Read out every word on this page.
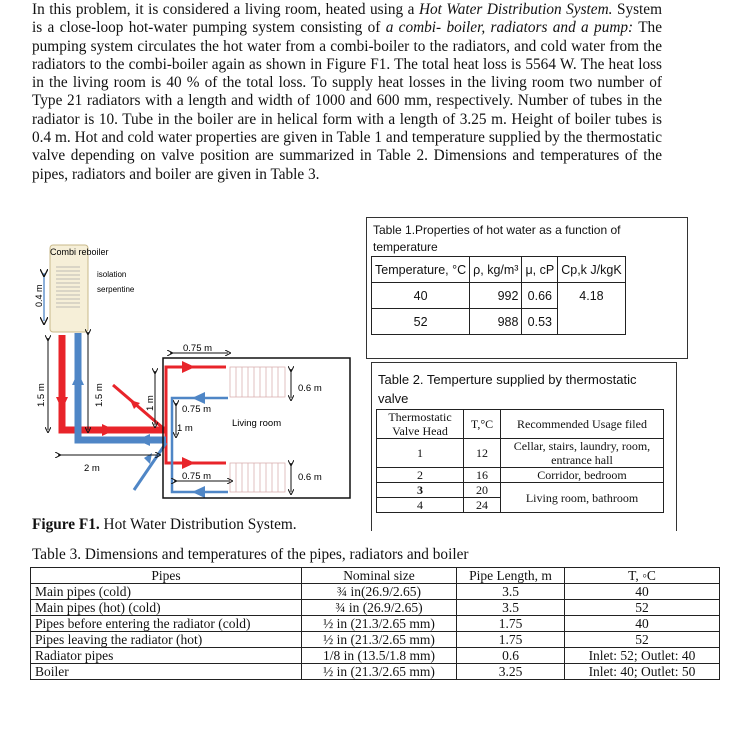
In this problem, it is considered a living room, heated using a Hot Water Distribution System. System is a close-loop hot-water pumping system consisting of a combi- boiler, radiators and a pump: The pumping system circulates the hot water from a combi-boiler to the radiators, and cold water from the radiators to the combi-boiler again as shown in Figure F1. The total heat loss is 5564 W. The heat loss in the living room is 40 % of the total loss. To supply heat losses in the living room two number of Type 21 radiators with a length and width of 1000 and 600 mm, respectively. Number of tubes in the radiator is 10. Tube in the boiler are in helical form with a length of 3.25 m. Height of boiler tubes is 0.4 m. Hot and cold water properties are given in Table 1 and temperature supplied by the thermostatic valve depending on valve position are summarized in Table 2. Dimensions and temperatures of the pipes, radiators and boiler are given in Table 3.
Combi reboiler
isolation
serpentine
0.4 m
Living room
1.5 m	1.5 m
2 m
0.75 m
0.75 m
0.75 m
1 m
1 m
0.6 m
0.6 m
Figure F1. Hot Water Distribution System.
Table 1.Properties of hot water as a function of temperature
Temperature, °C	ρ, kg/m³	μ, cP	Cp,k J/kgK
40	992	0.66	4.18
52	988	0.53	
Table 2. Temperture supplied by thermostatic valve
Thermostatic Valve Head	T,°C	Recommended Usage filed
1	12	Cellar, stairs, laundry, room, entrance hall
2	16	Corridor, bedroom
3	20	Living room, bathroom
4	24	
Table 3. Dimensions and temperatures of the pipes, radiators and boiler
Pipes	Nominal size	Pipe Length, m	T, ◦C
Main pipes (cold)	¾ in(26.9/2.65)	3.5	40
Main pipes (hot) (cold)	¾ in (26.9/2.65)	3.5	52
Pipes before entering the radiator (cold)	½ in (21.3/2.65 mm)	1.75	40
Pipes leaving the radiator (hot)	½ in (21.3/2.65 mm)	1.75	52
Radiator pipes	1/8 in (13.5/1.8 mm)	0.6	Inlet: 52; Outlet: 40
Boiler	½ in (21.3/2.65 mm)	3.25	Inlet: 40; Outlet: 50
